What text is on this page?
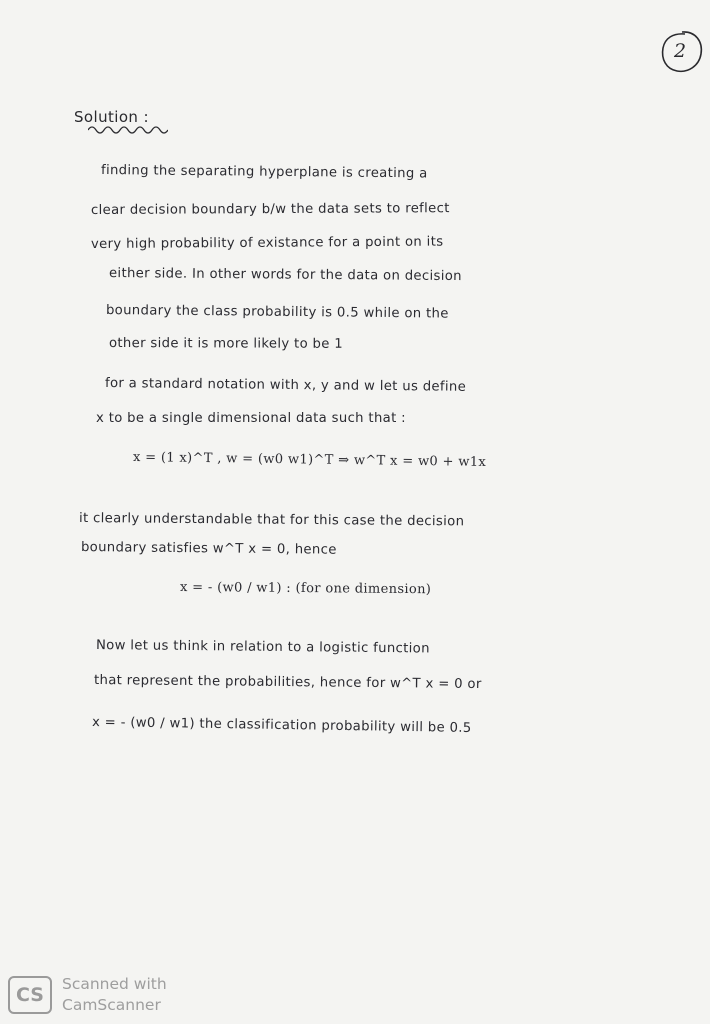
2
Solution :
finding the separating hyperplane is creating a
clear decision boundary b/w the data sets to reflect
very high probability of existance for a point on its
either side. In other words for the data on decision
boundary the class probability is 0.5 while on the
other side it is more likely to be 1
for a standard notation with x, y and w let us define
x to be a single dimensional data such that :
x = (1 x)^T , w = (w0 w1)^T ⇒ w^T x = w0 + w1x
it clearly understandable that for this case the decision
boundary satisfies w^T x = 0, hence
x = - (w0 / w1) : (for one dimension)
Now let us think in relation to a logistic function
that represent the probabilities, hence for w^T x = 0 or
x = - (w0 / w1) the classification probability will be 0.5
CS	Scanned with
CamScanner
